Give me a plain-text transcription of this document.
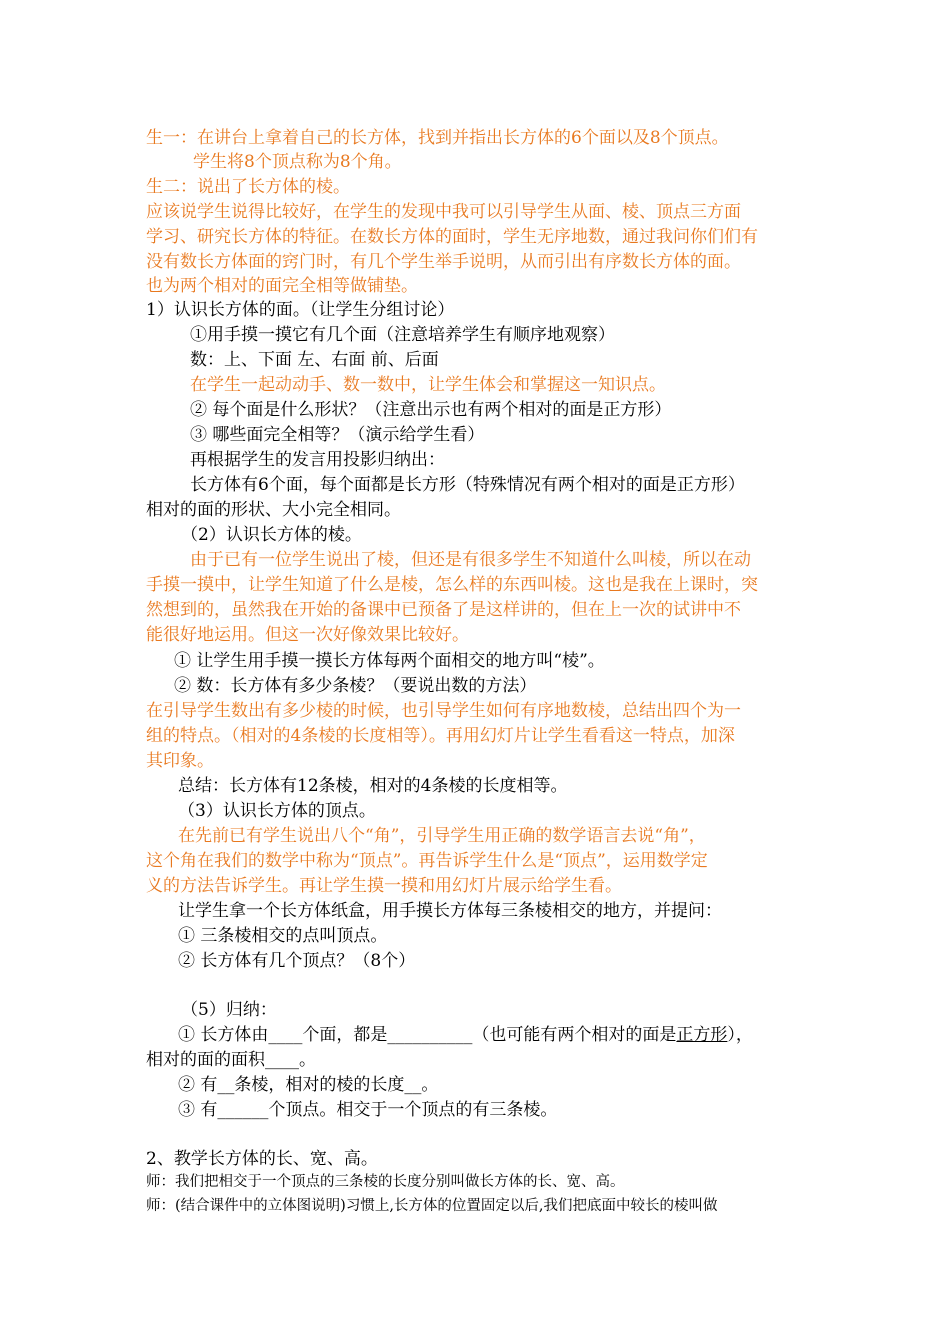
生一：在讲台上拿着自己的长方体，找到并指出长方体的6个面以及8个顶点。
学生将8个顶点称为8个角。
生二：说出了长方体的棱。
应该说学生说得比较好，在学生的发现中我可以引导学生从面、棱、顶点三方面
学习、研究长方体的特征。在数长方体的面时，学生无序地数，通过我问你们们有
没有数长方体面的窍门时，有几个学生举手说明，从而引出有序数长方体的面。
也为两个相对的面完全相等做铺垫。
1）认识长方体的面。（让学生分组讨论）
①用手摸一摸它有几个面（注意培养学生有顺序地观察）
数：上、下面 左、右面 前、后面
在学生一起动动手、数一数中，让学生体会和掌握这一知识点。
② 每个面是什么形状？（注意出示也有两个相对的面是正方形）
③ 哪些面完全相等？（演示给学生看）
再根据学生的发言用投影归纳出：
长方体有6个面，每个面都是长方形（特殊情况有两个相对的面是正方形）
相对的面的形状、大小完全相同。
（2）认识长方体的棱。
由于已有一位学生说出了棱，但还是有很多学生不知道什么叫棱，所以在动
手摸一摸中，让学生知道了什么是棱，怎么样的东西叫棱。这也是我在上课时，突
然想到的，虽然我在开始的备课中已预备了是这样讲的，但在上一次的试讲中不
能很好地运用。但这一次好像效果比较好。
① 让学生用手摸一摸长方体每两个面相交的地方叫“棱”。
② 数：长方体有多少条棱？（要说出数的方法）
在引导学生数出有多少棱的时候，也引导学生如何有序地数棱，总结出四个为一
组的特点。（相对的4条棱的长度相等）。再用幻灯片让学生看看这一特点，加深
其印象。
总结：长方体有12条棱，相对的4条棱的长度相等。
（3）认识长方体的顶点。
在先前已有学生说出八个“角”，引导学生用正确的数学语言去说“角”，
这个角在我们的数学中称为“顶点”。再告诉学生什么是“顶点”，运用数学定
义的方法告诉学生。再让学生摸一摸和用幻灯片展示给学生看。
让学生拿一个长方体纸盒，用手摸长方体每三条棱相交的地方，并提问：
① 三条棱相交的点叫顶点。
② 长方体有几个顶点？（8个）
（5）归纳：
① 长方体由____个面，都是__________（也可能有两个相对的面是正方形），
相对的面的面积____。
② 有__条棱，相对的棱的长度__。
③ 有______个顶点。相交于一个顶点的有三条棱。
2、教学长方体的长、宽、高。
师：我们把相交于一个顶点的三条棱的长度分别叫做长方体的长、宽、高。
师：(结合课件中的立体图说明)习惯上,长方体的位置固定以后,我们把底面中较长的棱叫做
